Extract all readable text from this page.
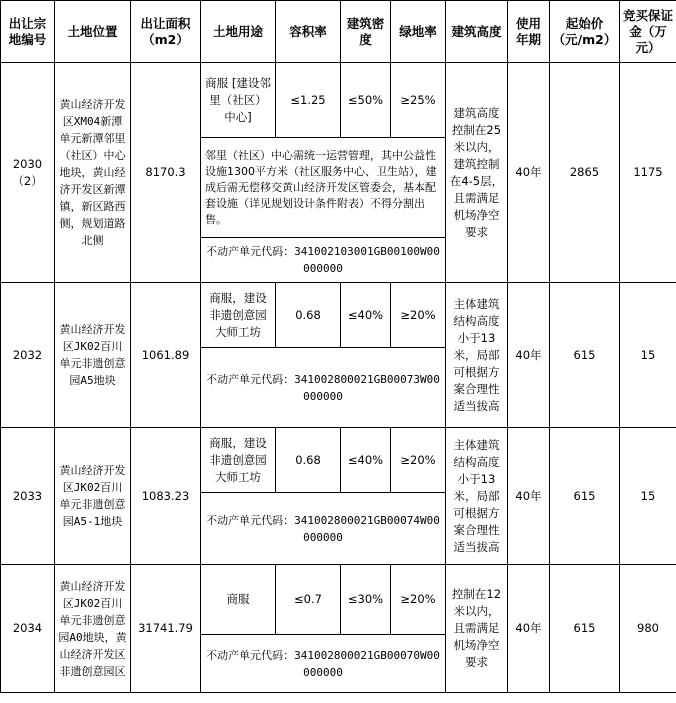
出让宗地编号	土地位置	出让面积（m2）	土地用途	容积率	建筑密度	绿地率	建筑高度	使用年期	起始价（元/m2）	竞买保证金（万元）
2030（2）	黄山经济开发区XM04新潭单元新潭邻里（社区）中心地块，黄山经济开发区新潭镇，新区路西侧，规划道路北侧	8170.3	商服 [建设邻里（社区）中心]	≤1.25	≤50%	≥25%	建筑高度控制在25米以内，建筑控制在4-5层，且需满足机场净空要求	40年	2865	1175
			邻里（社区）中心需统一运营管理，其中公益性设施1300平方米（社区服务中心、卫生站），建成后需无偿移交黄山经济开发区管委会，基本配套设施（详见规划设计条件附表）不得分割出售。							
			不动产单元代码：341002103001GB00100W00000000							
2032	黄山经济开发区JK02百川单元非遗创意园A5地块	1061.89	商服，建设非遗创意园大师工坊	0.68	≤40%	≥20%	主体建筑结构高度小于13米，局部可根据方案合理性适当拔高	40年	615	15
			不动产单元代码：341002800021GB00073W00000000							
2033	黄山经济开发区JK02百川单元非遗创意园A5-1地块	1083.23	商服，建设非遗创意园大师工坊	0.68	≤40%	≥20%	主体建筑结构高度小于13米，局部可根据方案合理性适当拔高	40年	615	15
			不动产单元代码：341002800021GB00074W00000000							
2034	黄山经济开发区JK02百川单元非遗创意园A0地块，黄山经济开发区非遗创意园区	31741.79	商服	≤0.7	≤30%	≥20%	控制在12米以内，且需满足机场净空要求	40年	615	980
			不动产单元代码：341002800021GB00070W00000000							
